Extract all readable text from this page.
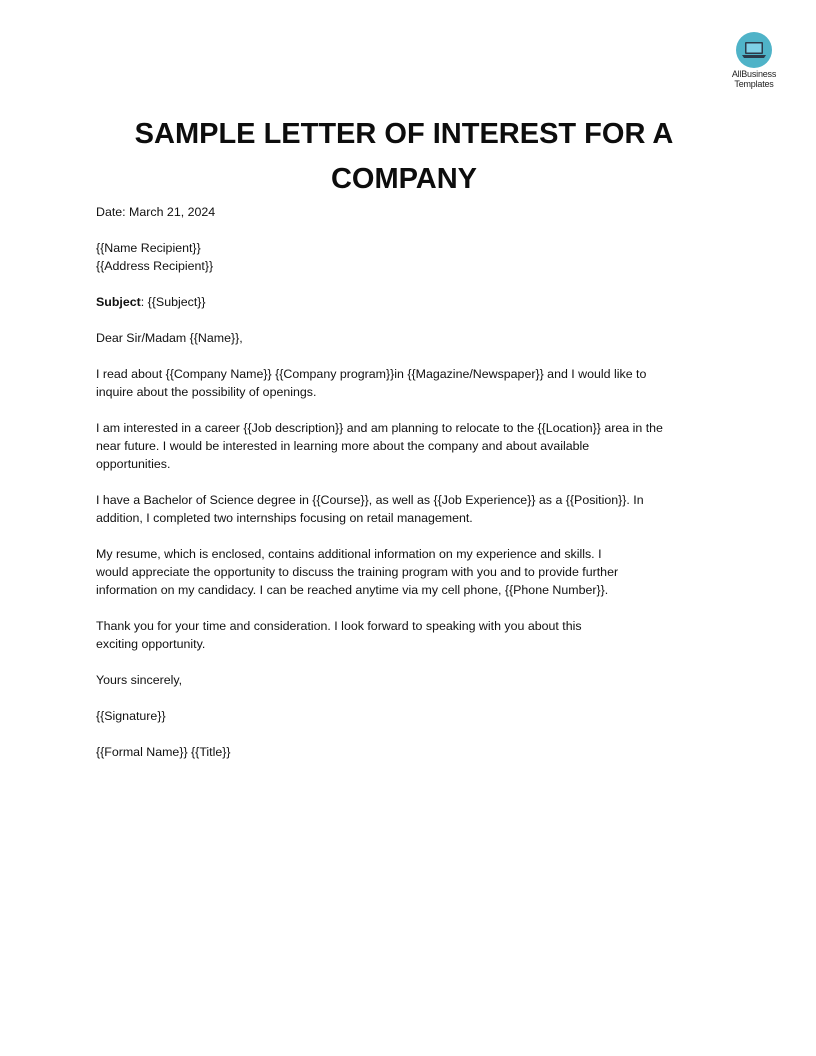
AllBusiness
Templates
SAMPLE LETTER OF INTEREST FOR A
COMPANY

Date: March 21, 2024

{{Name Recipient}}
{{Address Recipient}}

Subject: {{Subject}}

Dear Sir/Madam {{Name}},

I read about {{Company Name}} {{Company program}}in {{Magazine/Newspaper}} and I would like to
inquire about the possibility of openings.

I am interested in a career {{Job description}} and am planning to relocate to the {{Location}} area in the
near future. I would be interested in learning more about the company and about available
opportunities.

I have a Bachelor of Science degree in {{Course}}, as well as {{Job Experience}} as a {{Position}}. In
addition, I completed two internships focusing on retail management.

My resume, which is enclosed, contains additional information on my experience and skills. I
would appreciate the opportunity to discuss the training program with you and to provide further
information on my candidacy. I can be reached anytime via my cell phone, {{Phone Number}}.

Thank you for your time and consideration. I look forward to speaking with you about this
exciting opportunity.

Yours sincerely,

{{Signature}}

{{Formal Name}} {{Title}}
